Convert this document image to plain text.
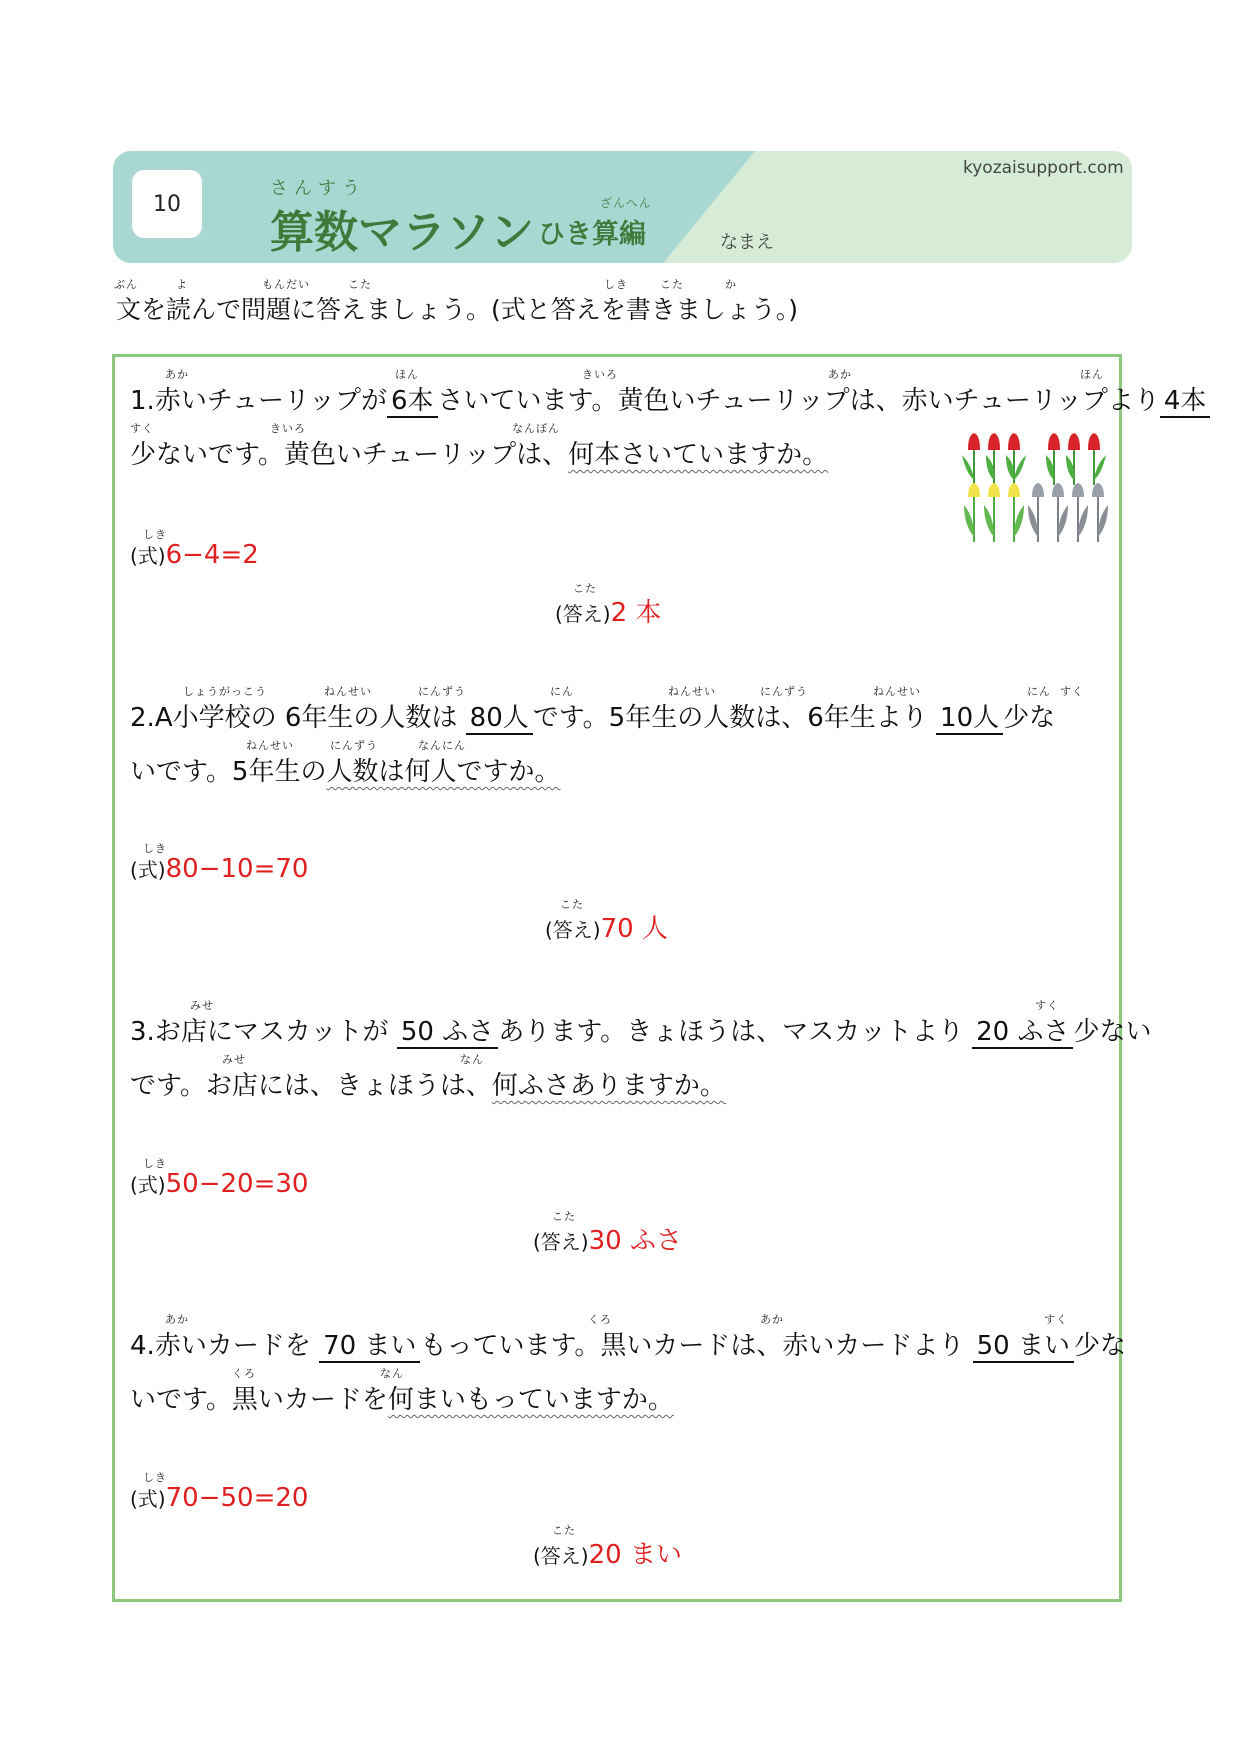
10
さんすう
算数マラソン
ざんへん
ひき算編
kyozaisupport.com
なまえ
ぶん	よ	もんだい	こた	しき	こた	か
文を読んで問題に答えましょう。(式と答えを書きましょう。)
あか	ほん	きいろ	あか	ほん
1.赤いチューリップが 6本 さいています。黄色いチューリップは、赤いチューリップより 4本
すく	きいろ	なんぼん
少ないです。黄色いチューリップは、何本さいていますか。
しき
(式)6−4=2
こた
(答え)2 本
しょうがっこう	ねんせい	にんずう	にん	ねんせい	にんずう	ねんせい	にん すく
2.A小学校の 6年生の人数は 80人 です。5年生の人数は、6年生より 10人 少な
ねんせい	にんずう	なんにん
いです。5年生の人数は何人ですか。
しき
(式)80−10=70
こた
(答え)70 人
みせ	すく
3.お店にマスカットが 50 ふさ あります。きょほうは、マスカットより 20 ふさ 少ない
みせ	なん
です。お店には、きょほうは、何ふさありますか。
しき
(式)50−20=30
こた
(答え)30 ふさ
あか	くろ	あか	すく
4.赤いカードを 70 まい もっています。黒いカードは、赤いカードより 50 まい 少な
くろ	なん
いです。黒いカードを何まいもっていますか。
しき
(式)70−50=20
こた
(答え)20 まい
